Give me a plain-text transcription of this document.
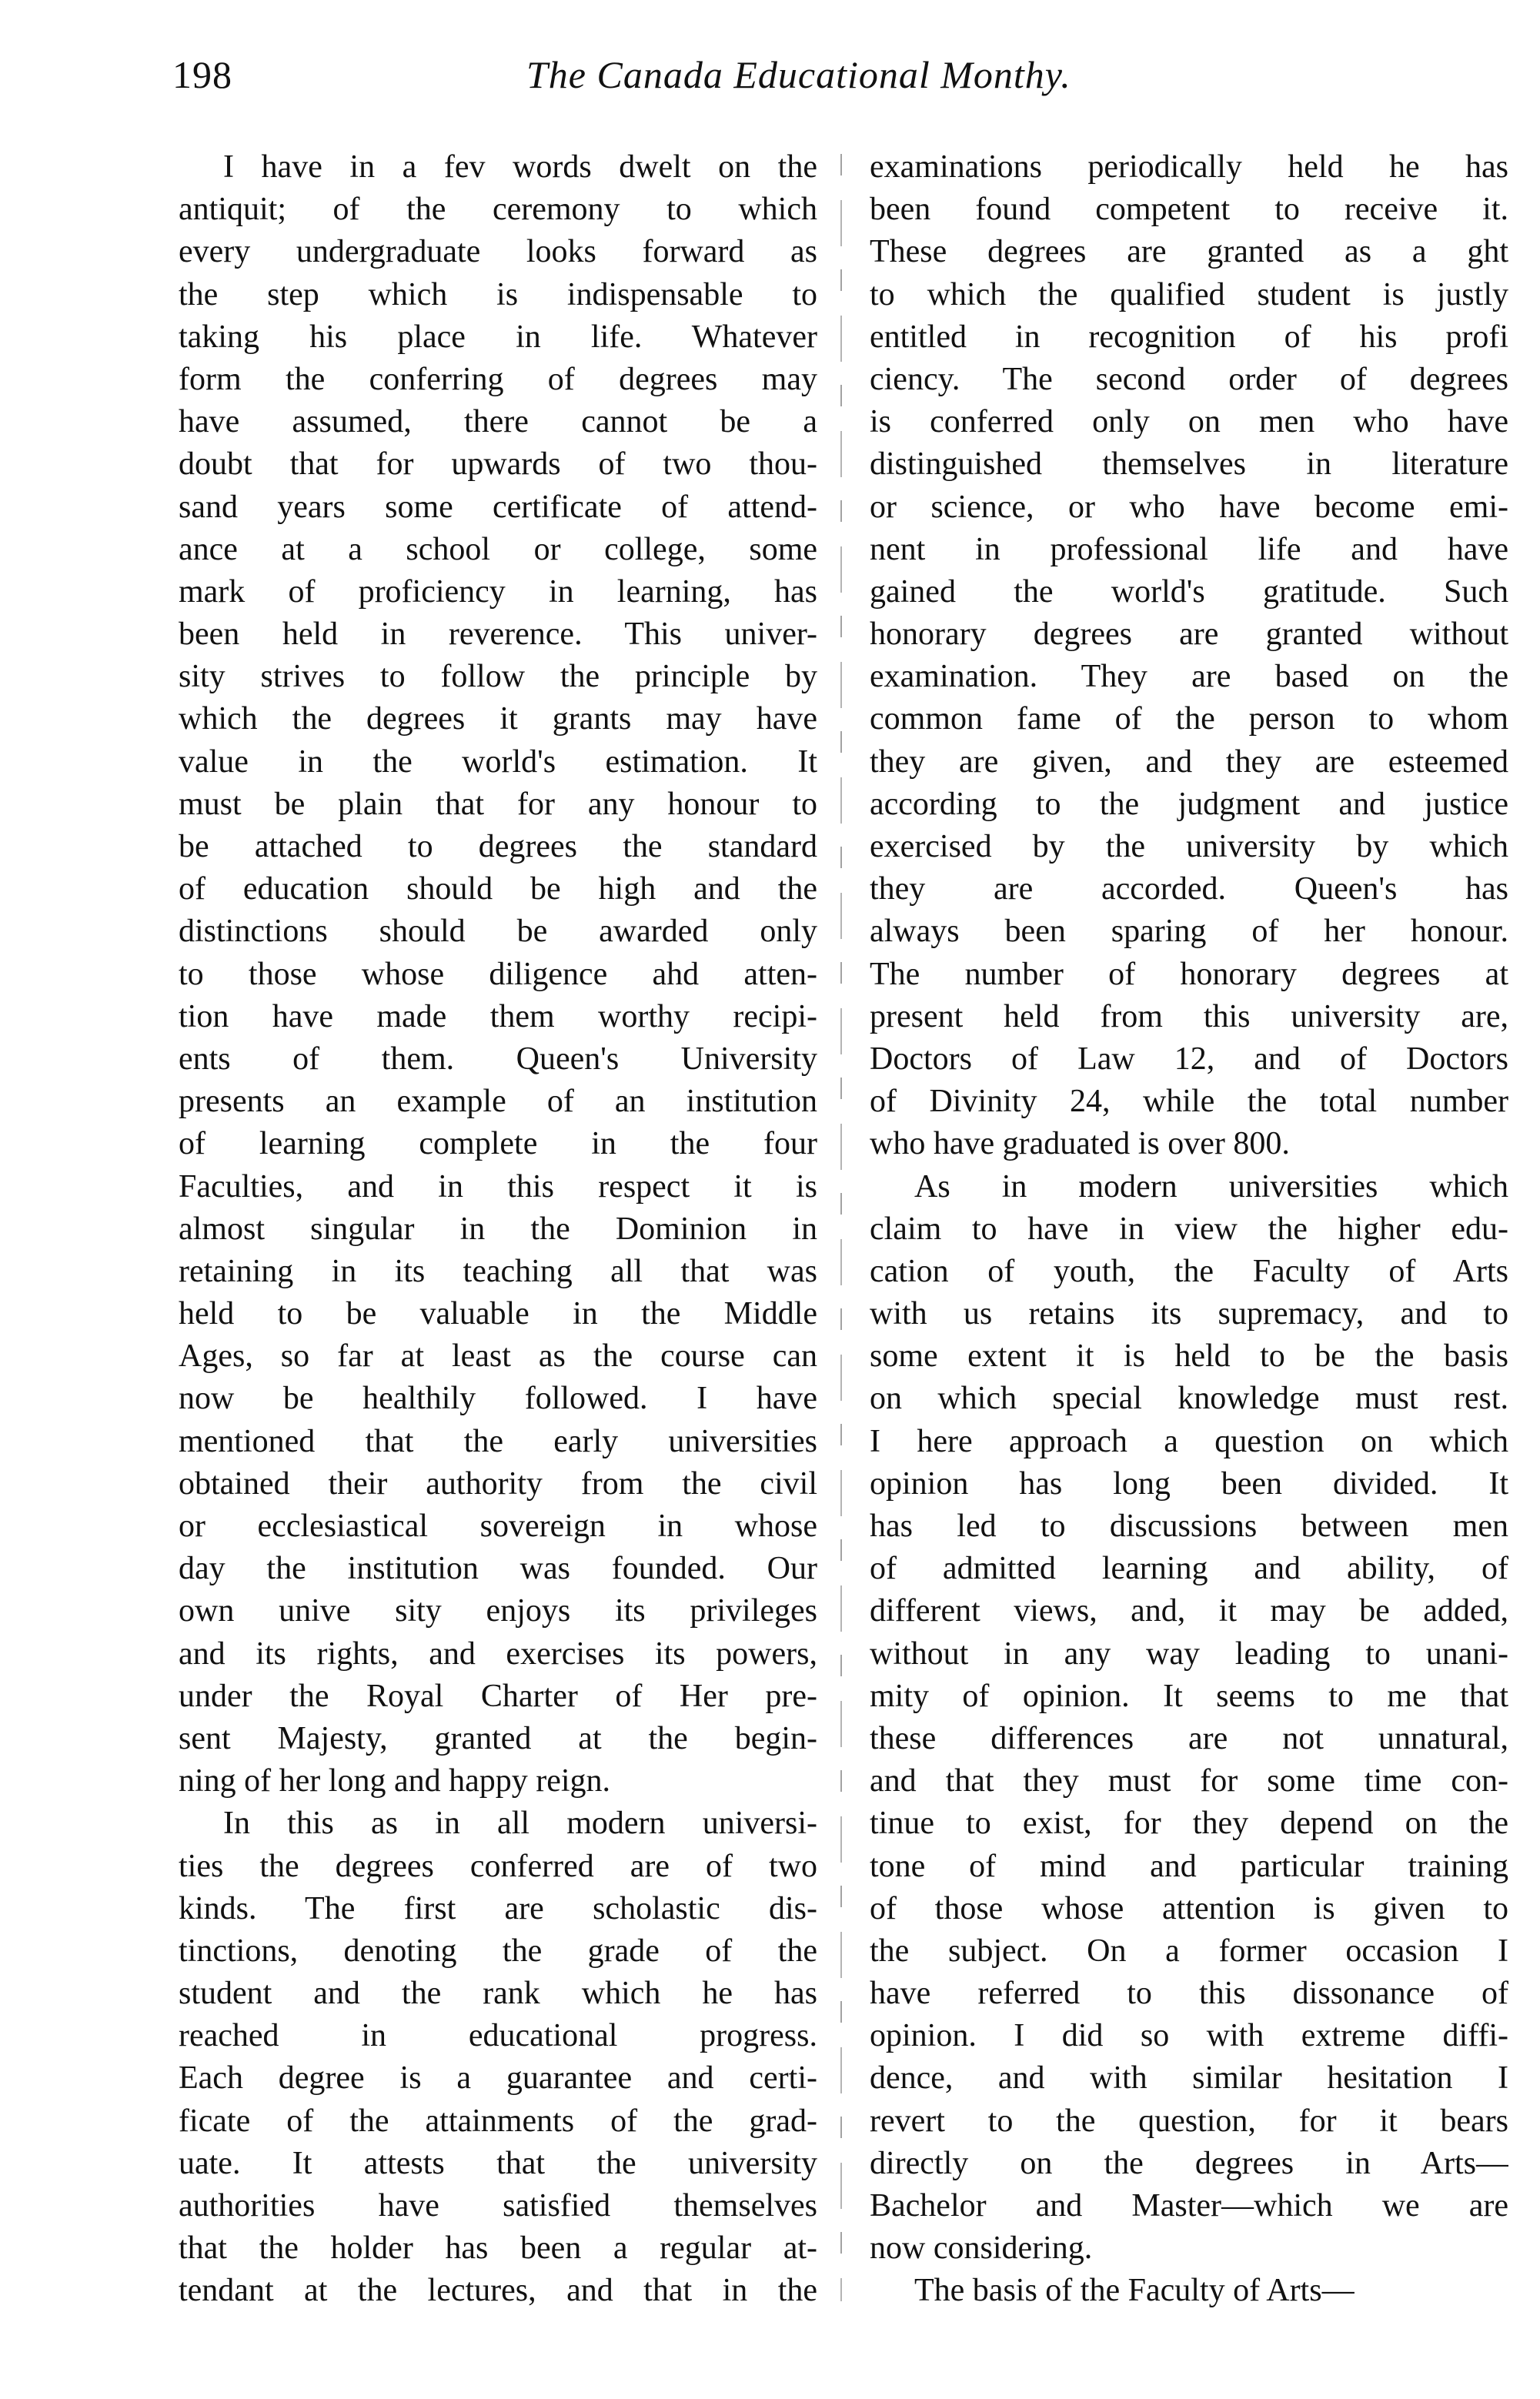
198	The Canada Educational Monthy.
I have in a fev words dwelt on the
antiquit; of the ceremony to which
every undergraduate looks forward as
the step which is indispensable to
taking his place in life. Whatever
form the conferring of degrees may
have assumed, there cannot be a
doubt that for upwards of two thou-
sand years some certificate of attend-
ance at a school or college, some
mark of proficiency in learning, has
been held in reverence. This univer-
sity strives to follow the principle by
which the degrees it grants may have
value in the world's estimation. It
must be plain that for any honour to
be attached to degrees the standard
of education should be high and the
distinctions should be awarded only
to those whose diligence ahd atten-
tion have made them worthy recipi-
ents of them. Queen's University
presents an example of an institution
of learning complete in the four
Faculties, and in this respect it is
almost singular in the Dominion in
retaining in its teaching all that was
held to be valuable in the Middle
Ages, so far at least as the course can
now be healthily followed. I have
mentioned that the early universities
obtained their authority from the civil
or ecclesiastical sovereign in whose
day the institution was founded. Our
own unive sity enjoys its privileges
and its rights, and exercises its powers,
under the Royal Charter of Her pre-
sent Majesty, granted at the begin-
ning of her long and happy reign.
In this as in all modern universi-
ties the degrees conferred are of two
kinds. The first are scholastic dis-
tinctions, denoting the grade of the
student and the rank which he has
reached in educational progress.
Each degree is a guarantee and certi-
ficate of the attainments of the grad-
uate. It attests that the university
authorities have satisfied themselves
that the holder has been a regular at-
tendant at the lectures, and that in the
examinations periodically held he has
been found competent to receive it.
These degrees are granted as a ght
to which the qualified student is justly
entitled in recognition of his profi
ciency. The second order of degrees
is conferred only on men who have
distinguished themselves in literature
or science, or who have become emi-
nent in professional life and have
gained the world's gratitude. Such
honorary degrees are granted without
examination. They are based on the
common fame of the person to whom
they are given, and they are esteemed
according to the judgment and justice
exercised by the university by which
they are accorded. Queen's has
always been sparing of her honour.
The number of honorary degrees at
present held from this university are,
Doctors of Law 12, and of Doctors
of Divinity 24, while the total number
who have graduated is over 800.
As in modern universities which
claim to have in view the higher edu-
cation of youth, the Faculty of Arts
with us retains its supremacy, and to
some extent it is held to be the basis
on which special knowledge must rest.
I here approach a question on which
opinion has long been divided. It
has led to discussions between men
of admitted learning and ability, of
different views, and, it may be added,
without in any way leading to unani-
mity of opinion. It seems to me that
these differences are not unnatural,
and that they must for some time con-
tinue to exist, for they depend on the
tone of mind and particular training
of those whose attention is given to
the subject. On a former occasion I
have referred to this dissonance of
opinion. I did so with extreme diffi-
dence, and with similar hesitation I
revert to the question, for it bears
directly on the degrees in Arts—
Bachelor and Master—which we are
now considering.
The basis of the Faculty of Arts—
